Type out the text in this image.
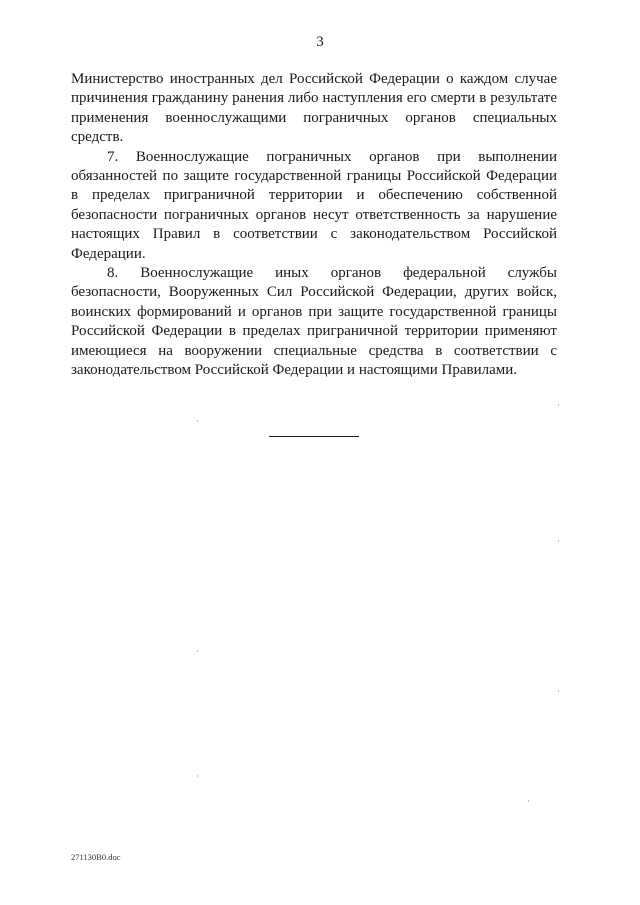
3

Министерство иностранных дел Российской Федерации о каждом случае причинения гражданину ранения либо наступления его смерти в результате применения военнослужащими пограничных органов специальных средств.

7. Военнослужащие пограничных органов при выполнении обязанностей по защите государственной границы Российской Федерации в пределах приграничной территории и обеспечению собственной безопасности пограничных органов несут ответственность за нарушение настоящих Правил в соответствии с законодательством Российской Федерации.

8. Военнослужащие иных органов федеральной службы безопасности, Вооруженных Сил Российской Федерации, других войск, воинских формирований и органов при защите государственной границы Российской Федерации в пределах приграничной территории применяют имеющиеся на вооружении специальные средства в соответствии с законодательством Российской Федерации и настоящими Правилами.

271130B0.doc
